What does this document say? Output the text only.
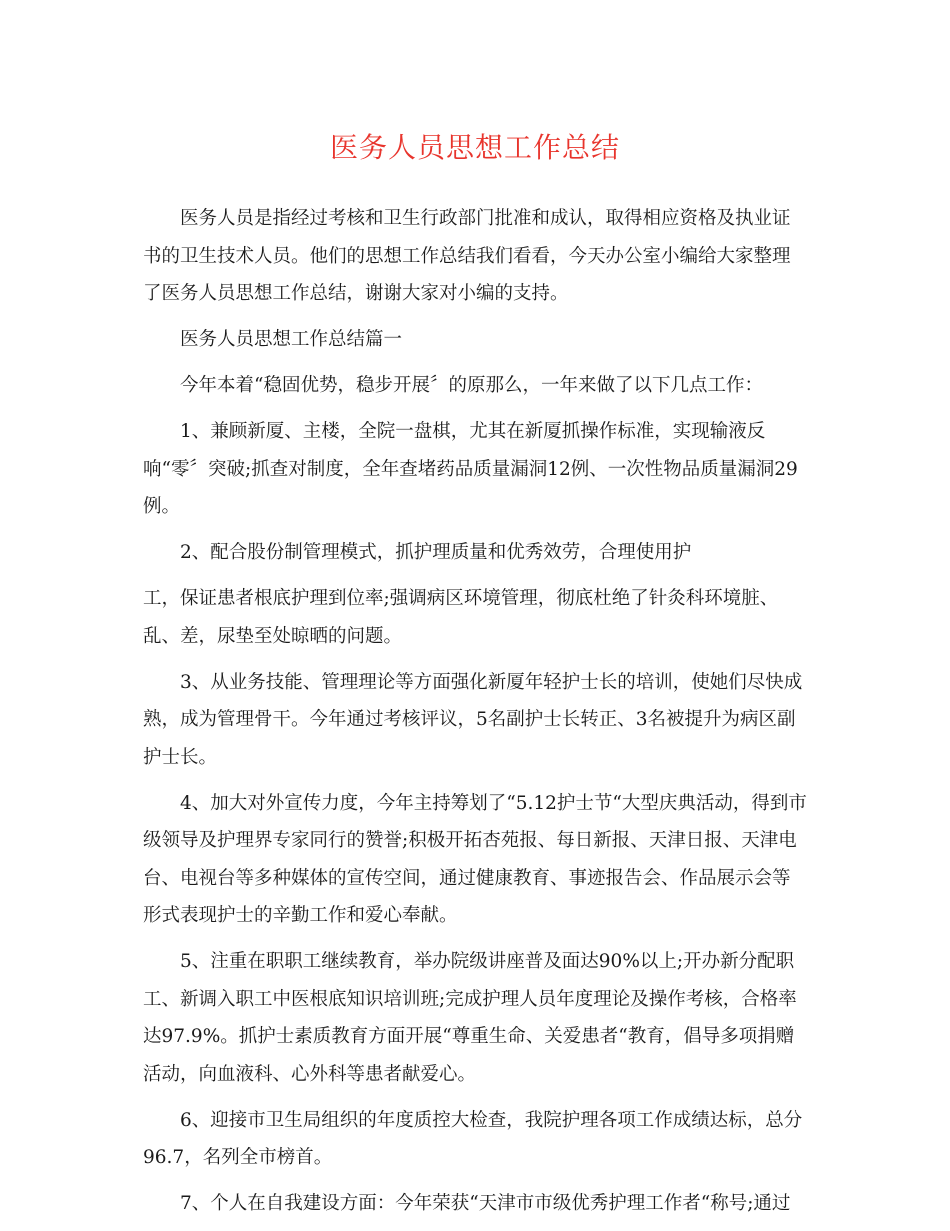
医务人员思想工作总结

医务人员是指经过考核和卫生行政部门批准和成认，取得相应资格及执业证书的卫生技术人员。他们的思想工作总结我们看看，今天办公室小编给大家整理了医务人员思想工作总结，谢谢大家对小编的支持。

医务人员思想工作总结篇一

今年本着“稳固优势，稳步开展〞的原那么，一年来做了以下几点工作：

1、兼顾新厦、主楼，全院一盘棋，尤其在新厦抓操作标准，实现输液反响“零〞突破;抓查对制度，全年查堵药品质量漏洞12例、一次性物品质量漏洞29例。

2、配合股份制管理模式，抓护理质量和优秀效劳，合理使用护

工，保证患者根底护理到位率;强调病区环境管理，彻底杜绝了针灸科环境脏、乱、差，尿垫至处晾晒的问题。

3、从业务技能、管理理论等方面强化新厦年轻护士长的培训，使她们尽快成熟，成为管理骨干。今年通过考核评议，5名副护士长转正、3名被提升为病区副护士长。

4、加大对外宣传力度，今年主持筹划了“5.12护士节“大型庆典活动，得到市级领导及护理界专家同行的赞誉;积极开拓杏苑报、每日新报、天津日报、天津电台、电视台等多种媒体的宣传空间，通过健康教育、事迹报告会、作品展示会等形式表现护士的辛勤工作和爱心奉献。

5、注重在职职工继续教育，举办院级讲座普及面达90%以上;开办新分配职工、新调入职工中医根底知识培训班;完成护理人员年度理论及操作考核，合格率达97.9%。抓护士素质教育方面开展“尊重生命、关爱患者“教育，倡导多项捐赠活动，向血液科、心外科等患者献爱心。

6、迎接市卫生局组织的年度质控大检查，我院护理各项工作成绩达标，总分96.7，名列全市榜首。

7、个人在自我建设方面：今年荣获“天津市市级优秀护理工作者“称号;通过
